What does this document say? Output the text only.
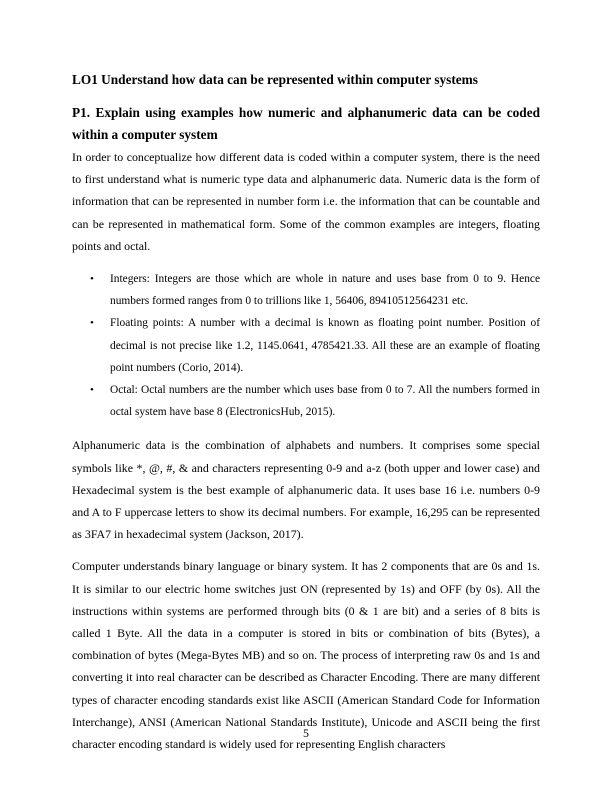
LO1 Understand how data can be represented within computer systems
P1. Explain using examples how numeric and alphanumeric data can be coded within a computer system

In order to conceptualize how different data is coded within a computer system, there is the need to first understand what is numeric type data and alphanumeric data. Numeric data is the form of information that can be represented in number form i.e. the information that can be countable and can be represented in mathematical form. Some of the common examples are integers, floating points and octal.

• Integers: Integers are those which are whole in nature and uses base from 0 to 9. Hence numbers formed ranges from 0 to trillions like 1, 56406, 89410512564231 etc.
• Floating points: A number with a decimal is known as floating point number. Position of decimal is not precise like 1.2, 1145.0641, 4785421.33. All these are an example of floating point numbers (Corio, 2014).
• Octal: Octal numbers are the number which uses base from 0 to 7. All the numbers formed in octal system have base 8 (ElectronicsHub, 2015).

Alphanumeric data is the combination of alphabets and numbers. It comprises some special symbols like *, @, #, & and characters representing 0-9 and a-z (both upper and lower case) and Hexadecimal system is the best example of alphanumeric data. It uses base 16 i.e. numbers 0-9 and A to F uppercase letters to show its decimal numbers. For example, 16,295 can be represented as 3FA7 in hexadecimal system (Jackson, 2017).

Computer understands binary language or binary system. It has 2 components that are 0s and 1s. It is similar to our electric home switches just ON (represented by 1s) and OFF (by 0s). All the instructions within systems are performed through bits (0 & 1 are bit) and a series of 8 bits is called 1 Byte. All the data in a computer is stored in bits or combination of bits (Bytes), a combination of bytes (Mega-Bytes MB) and so on. The process of interpreting raw 0s and 1s and converting it into real character can be described as Character Encoding. There are many different types of character encoding standards exist like ASCII (American Standard Code for Information Interchange), ANSI (American National Standards Institute), Unicode and ASCII being the first character encoding standard is widely used for representing English characters

5
